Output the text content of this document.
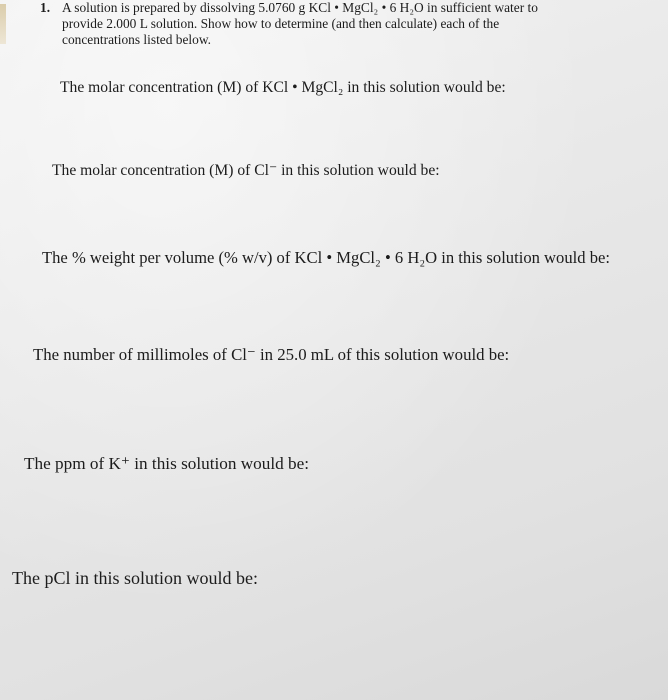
1. A solution is prepared by dissolving 5.0760 g KCl • MgCl₂ • 6 H₂O in sufficient water to
provide 2.000 L solution. Show how to determine (and then calculate) each of the
concentrations listed below.

The molar concentration (M) of KCl • MgCl₂ in this solution would be:

The molar concentration (M) of Cl⁻ in this solution would be:

The % weight per volume (% w/v) of KCl • MgCl₂ • 6 H₂O in this solution would be:

The number of millimoles of Cl⁻ in 25.0 mL of this solution would be:

The ppm of K⁺ in this solution would be:

The pCl in this solution would be:
